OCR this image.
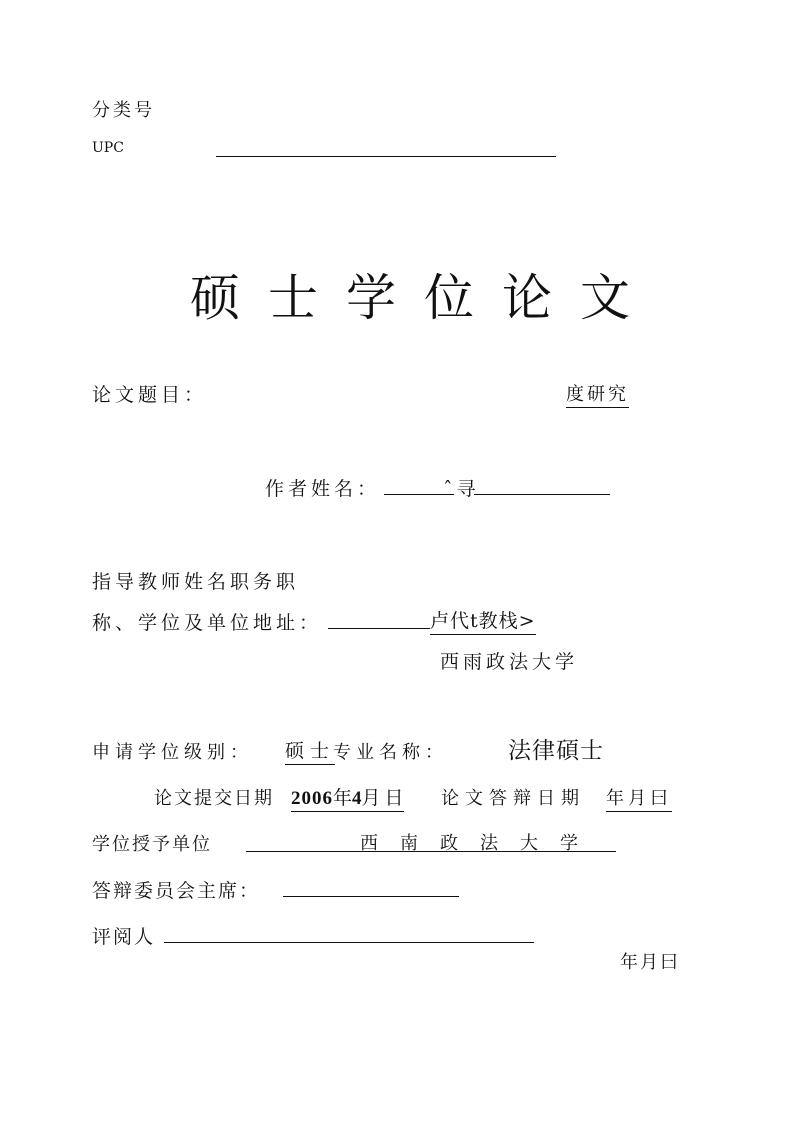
分类号
UPC
硕士学位论文
论文题目：	度研究
作者姓名：	ˆ寻
指导教师姓名职务职
称、学位及单位地址：	卢代t教栈>
西雨政法大学
申请学位级别： 硕士
专业名称：	法律碩士
论文提交日期 2006年4月日 论文答辩日期 年月曰
学位授予单位	西南政法大学
答辩委员会主席：
评阅人
年月曰
